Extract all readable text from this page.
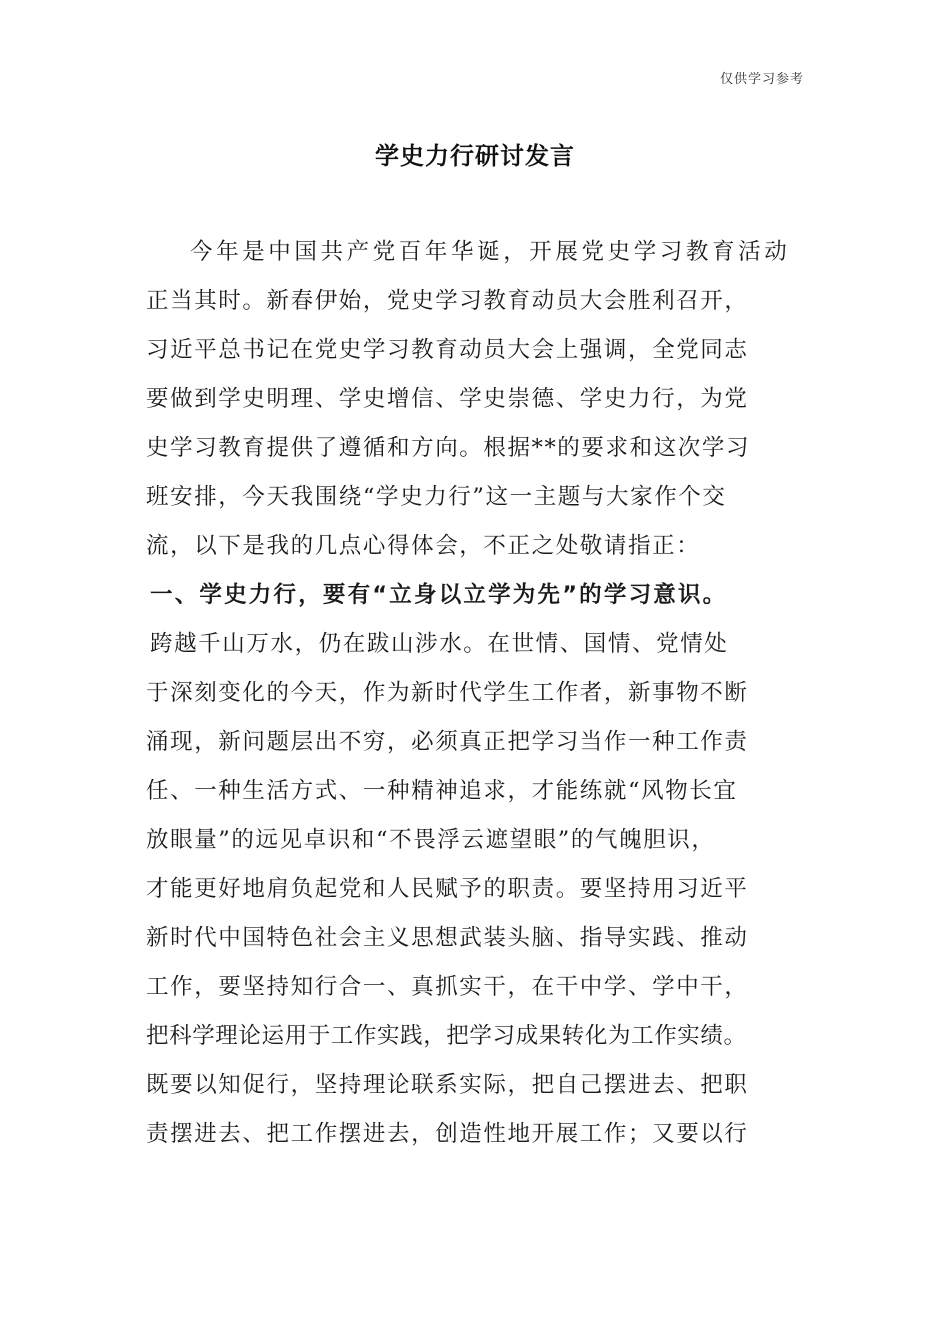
仅供学习参考
学史力行研讨发言
今年是中国共产党百年华诞，开展党史学习教育活动
正当其时。新春伊始，党史学习教育动员大会胜利召开，
习近平总书记在党史学习教育动员大会上强调，全党同志
要做到学史明理、学史增信、学史崇德、学史力行，为党
史学习教育提供了遵循和方向。根据**的要求和这次学习
班安排，今天我围绕“学史力行”这一主题与大家作个交
流，以下是我的几点心得体会，不正之处敬请指正：
一、学史力行，要有“立身以立学为先”的学习意识。
跨越千山万水，仍在跋山涉水。在世情、国情、党情处
于深刻变化的今天，作为新时代学生工作者，新事物不断
涌现，新问题层出不穷，必须真正把学习当作一种工作责
任、一种生活方式、一种精神追求，才能练就“风物长宜
放眼量”的远见卓识和“不畏浮云遮望眼”的气魄胆识，
才能更好地肩负起党和人民赋予的职责。要坚持用习近平
新时代中国特色社会主义思想武装头脑、指导实践、推动
工作，要坚持知行合一、真抓实干，在干中学、学中干，
把科学理论运用于工作实践，把学习成果转化为工作实绩。
既要以知促行，坚持理论联系实际，把自己摆进去、把职
责摆进去、把工作摆进去，创造性地开展工作；又要以行
